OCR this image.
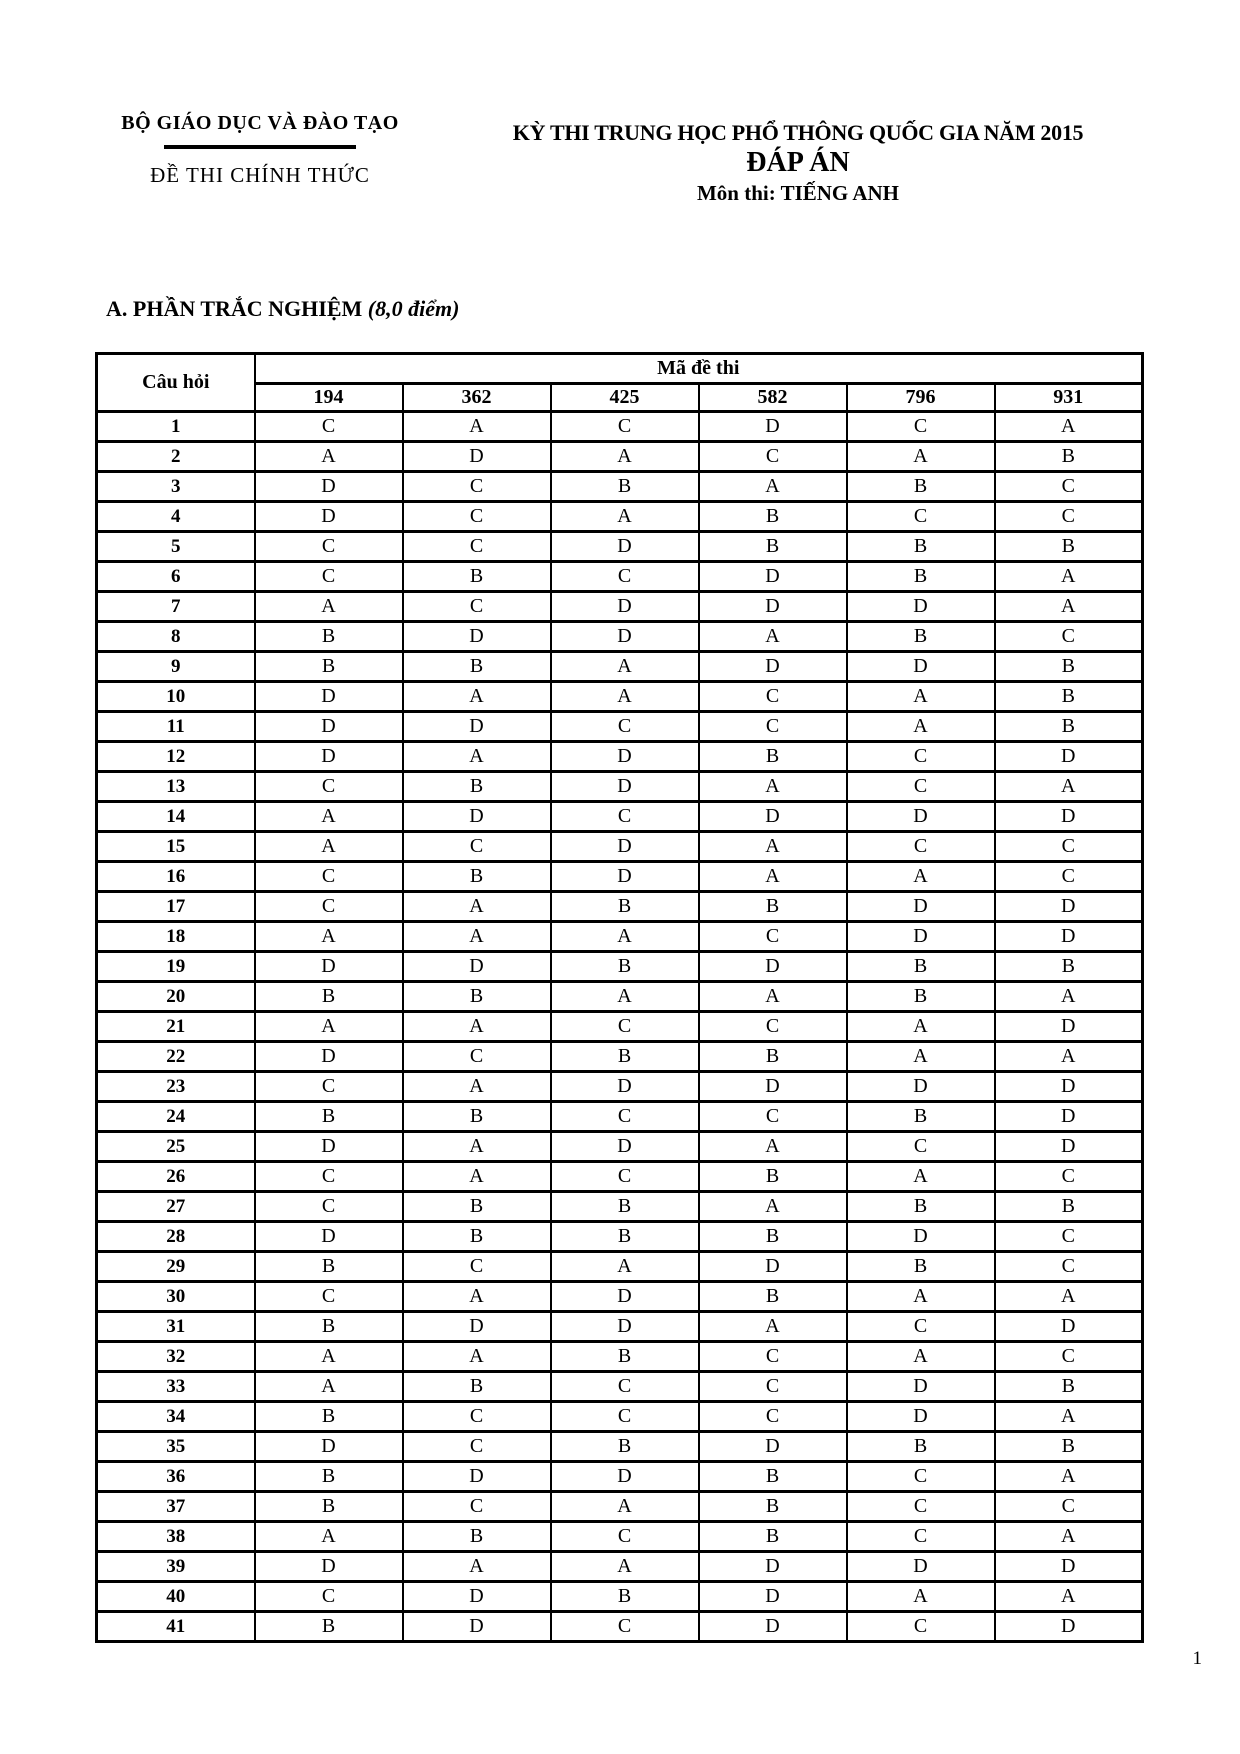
BỘ GIÁO DỤC VÀ ĐÀO TẠO
ĐỀ THI CHÍNH THỨC
KỲ THI TRUNG HỌC PHỔ THÔNG QUỐC GIA NĂM 2015
ĐÁP ÁN
Môn thi: TIẾNG ANH
A. PHẦN TRẮC NGHIỆM (8,0 điểm)
Câu hỏi	Mã đề thi					
	194	362	425	582	796	931
1	C	A	C	D	C	A
2	A	D	A	C	A	B
3	D	C	B	A	B	C
4	D	C	A	B	C	C
5	C	C	D	B	B	B
6	C	B	C	D	B	A
7	A	C	D	D	D	A
8	B	D	D	A	B	C
9	B	B	A	D	D	B
10	D	A	A	C	A	B
11	D	D	C	C	A	B
12	D	A	D	B	C	D
13	C	B	D	A	C	A
14	A	D	C	D	D	D
15	A	C	D	A	C	C
16	C	B	D	A	A	C
17	C	A	B	B	D	D
18	A	A	A	C	D	D
19	D	D	B	D	B	B
20	B	B	A	A	B	A
21	A	A	C	C	A	D
22	D	C	B	B	A	A
23	C	A	D	D	D	D
24	B	B	C	C	B	D
25	D	A	D	A	C	D
26	C	A	C	B	A	C
27	C	B	B	A	B	B
28	D	B	B	B	D	C
29	B	C	A	D	B	C
30	C	A	D	B	A	A
31	B	D	D	A	C	D
32	A	A	B	C	A	C
33	A	B	C	C	D	B
34	B	C	C	C	D	A
35	D	C	B	D	B	B
36	B	D	D	B	C	A
37	B	C	A	B	C	C
38	A	B	C	B	C	A
39	D	A	A	D	D	D
40	C	D	B	D	A	A
41	B	D	C	D	C	D
1
